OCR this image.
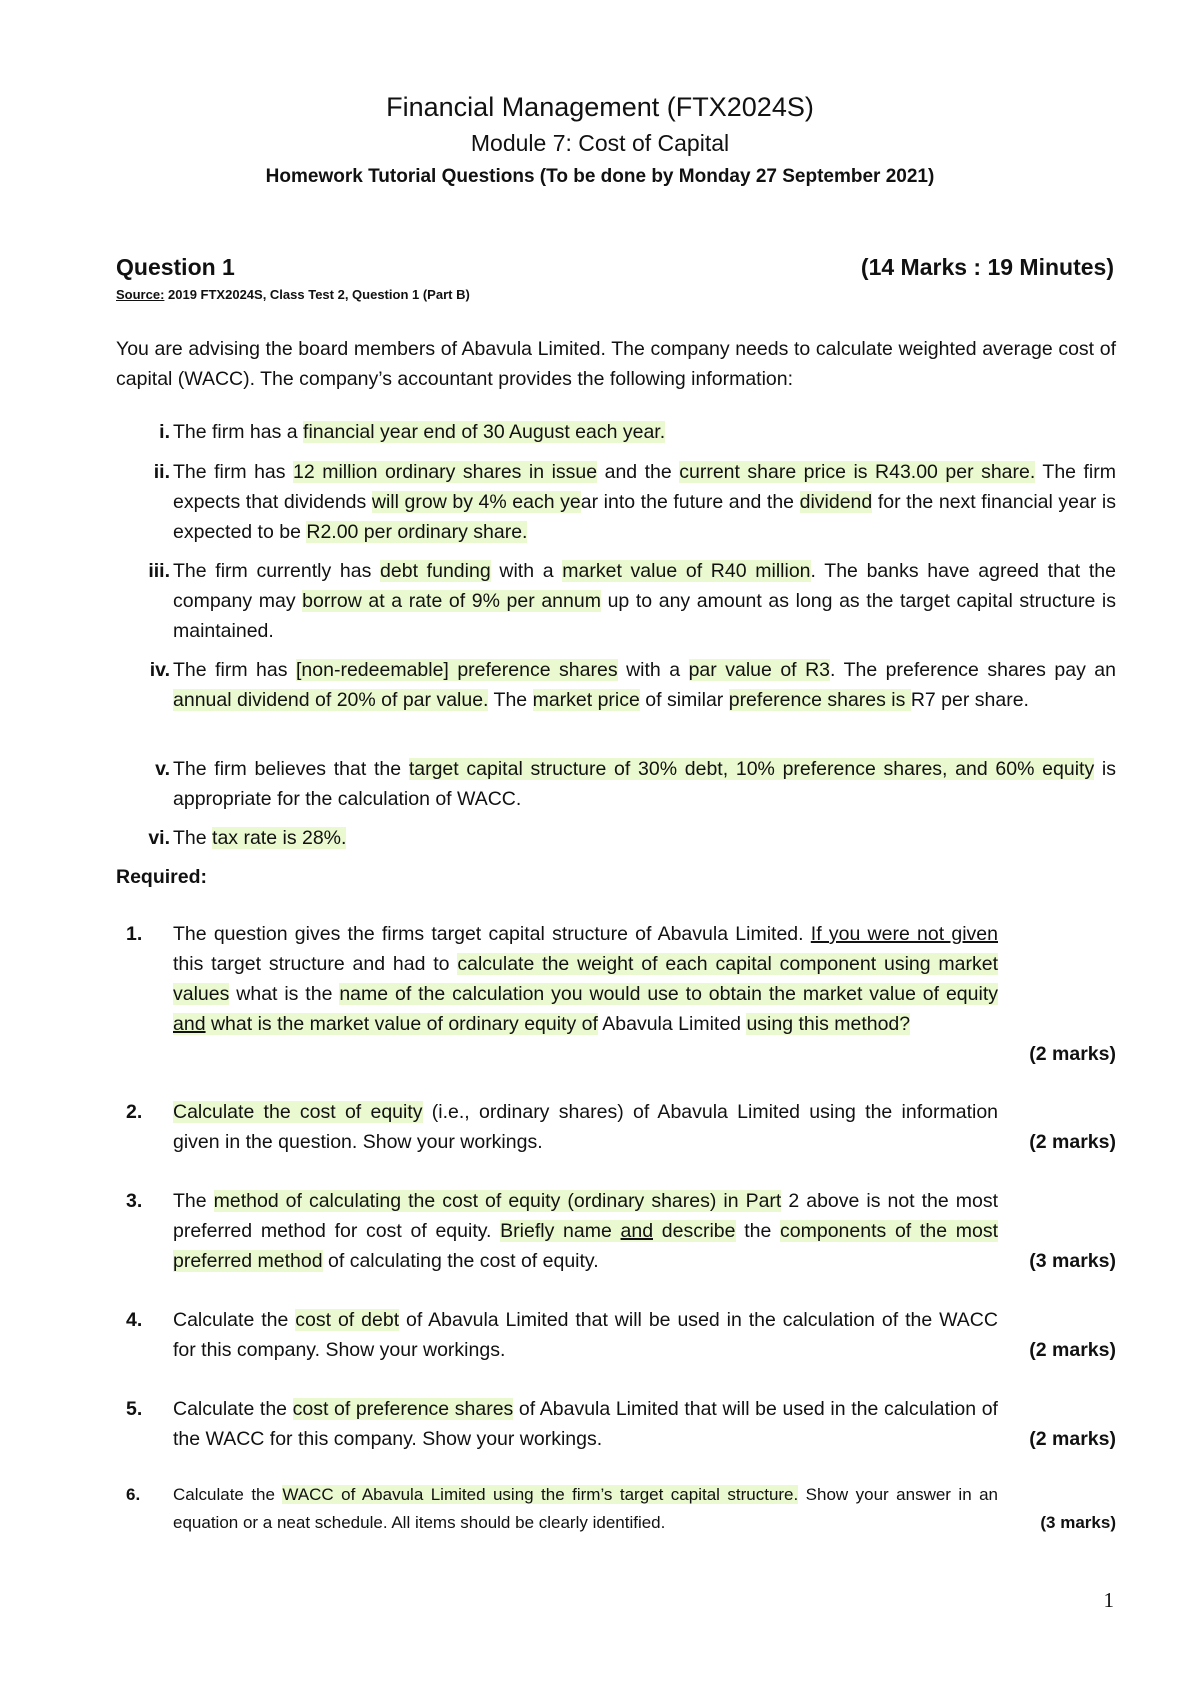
Financial Management (FTX2024S)
Module 7: Cost of Capital
Homework Tutorial Questions (To be done by Monday 27 September 2021)
Question 1	(14 Marks : 19 Minutes)
Source: 2019 FTX2024S, Class Test 2, Question 1 (Part B)
You are advising the board members of Abavula Limited. The company needs to calculate weighted average cost of capital (WACC). The company’s accountant provides the following information:
i. The firm has a financial year end of 30 August each year.
ii. The firm has 12 million ordinary shares in issue and the current share price is R43.00 per share. The firm expects that dividends will grow by 4% each year into the future and the dividend for the next financial year is expected to be R2.00 per ordinary share.
iii. The firm currently has debt funding with a market value of R40 million. The banks have agreed that the company may borrow at a rate of 9% per annum up to any amount as long as the target capital structure is maintained.
iv. The firm has [non-redeemable] preference shares with a par value of R3. The preference shares pay an annual dividend of 20% of par value. The market price of similar preference shares is R7 per share.
v. The firm believes that the target capital structure of 30% debt, 10% preference shares, and 60% equity is appropriate for the calculation of WACC.
vi. The tax rate is 28%.
Required:
1. The question gives the firms target capital structure of Abavula Limited. If you were not given this target structure and had to calculate the weight of each capital component using market values what is the name of the calculation you would use to obtain the market value of equity and what is the market value of ordinary equity of Abavula Limited using this method?
(2 marks)
2. Calculate the cost of equity (i.e., ordinary shares) of Abavula Limited using the information given in the question. Show your workings.	(2 marks)
3. The method of calculating the cost of equity (ordinary shares) in Part 2 above is not the most preferred method for cost of equity. Briefly name and describe the components of the most preferred method of calculating the cost of equity.	(3 marks)
4. Calculate the cost of debt of Abavula Limited that will be used in the calculation of the WACC for this company. Show your workings.	(2 marks)
5. Calculate the cost of preference shares of Abavula Limited that will be used in the calculation of the WACC for this company. Show your workings.	(2 marks)
6. Calculate the WACC of Abavula Limited using the firm’s target capital structure. Show your answer in an equation or a neat schedule. All items should be clearly identified.	(3 marks)
1
